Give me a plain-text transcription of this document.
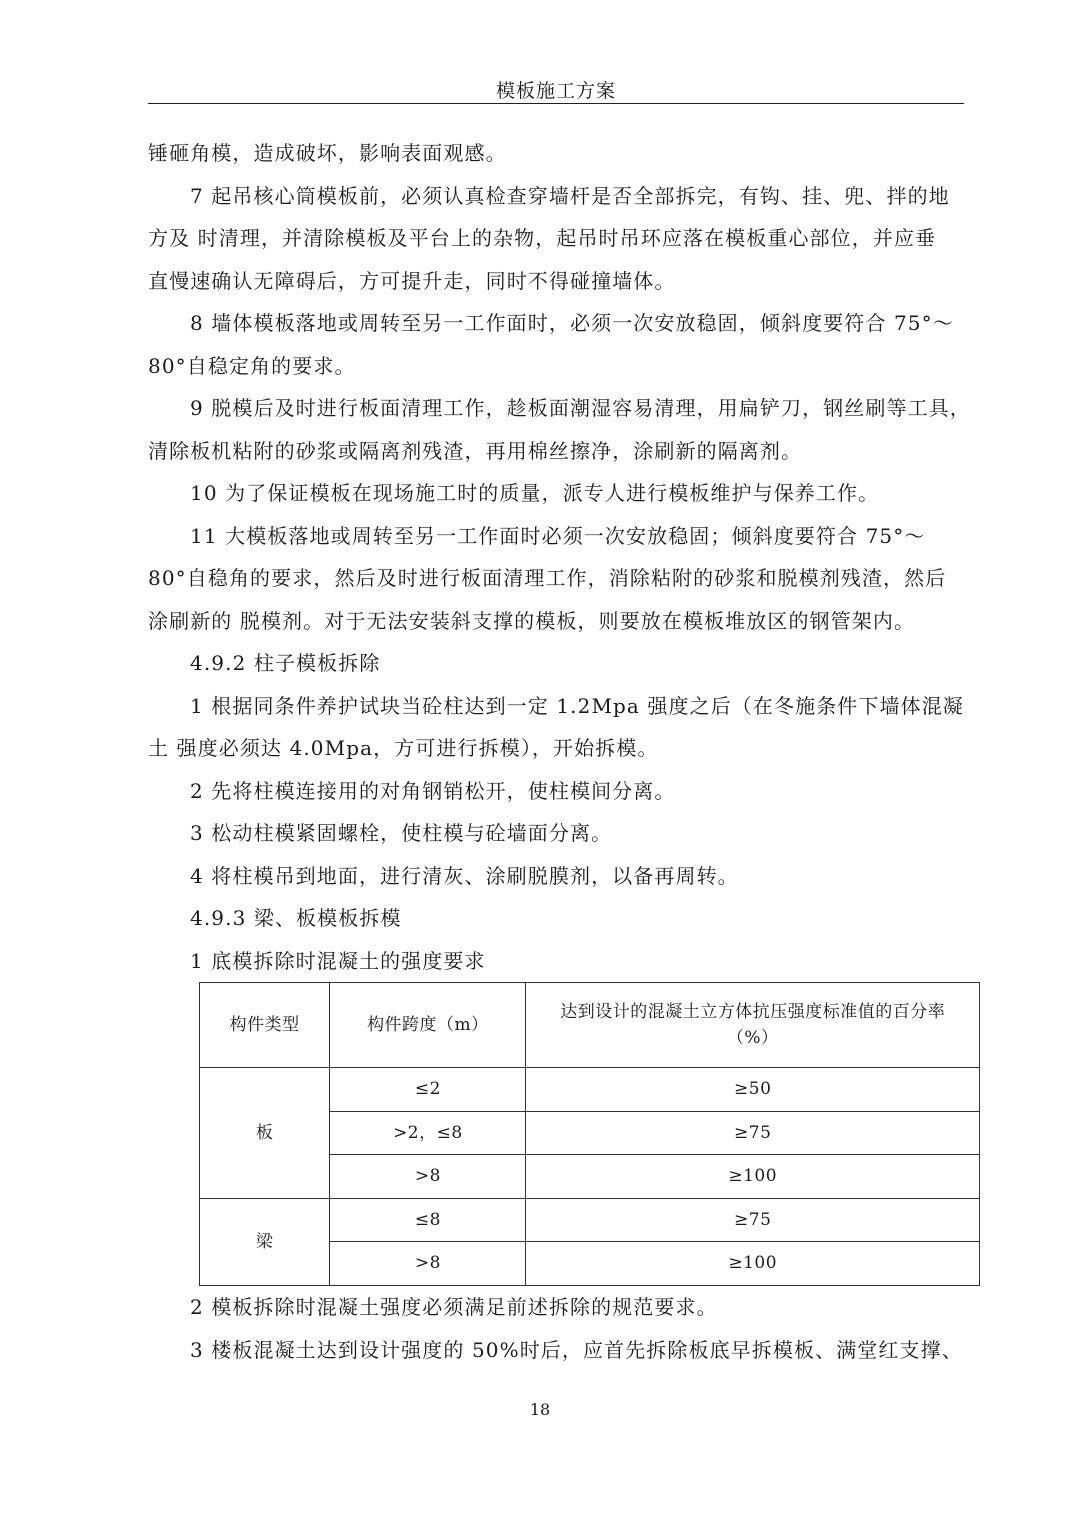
模板施工方案
锤砸角模，造成破坏，影响表面观感。
7 起吊核心筒模板前，必须认真检查穿墙杆是否全部拆完，有钩、挂、兜、拌的地
方及 时清理，并清除模板及平台上的杂物，起吊时吊环应落在模板重心部位，并应垂
直慢速确认无障碍后，方可提升走，同时不得碰撞墙体。
8 墙体模板落地或周转至另一工作面时，必须一次安放稳固，倾斜度要符合 75°～
80°自稳定角的要求。
9 脱模后及时进行板面清理工作，趁板面潮湿容易清理，用扁铲刀，钢丝刷等工具，
清除板机粘附的砂浆或隔离剂残渣，再用棉丝擦净，涂刷新的隔离剂。
10 为了保证模板在现场施工时的质量，派专人进行模板维护与保养工作。
11 大模板落地或周转至另一工作面时必须一次安放稳固；倾斜度要符合 75°～
80°自稳角的要求，然后及时进行板面清理工作，消除粘附的砂浆和脱模剂残渣，然后
涂刷新的 脱模剂。对于无法安装斜支撑的模板，则要放在模板堆放区的钢管架内。
4.9.2 柱子模板拆除
1 根据同条件养护试块当砼柱达到一定 1.2Mpa 强度之后（在冬施条件下墙体混凝
土 强度必须达 4.0Mpa，方可进行拆模），开始拆模。
2 先将柱模连接用的对角钢销松开，使柱模间分离。
3 松动柱模紧固螺栓，使柱模与砼墙面分离。
4 将柱模吊到地面，进行清灰、涂刷脱膜剂，以备再周转。
4.9.3 梁、板模板拆模
1 底模拆除时混凝土的强度要求
构件类型	构件跨度（m）	达到设计的混凝土立方体抗压强度标准值的百分率
（%）

板	≤2	≥50
	>2，≤8	≥75
	>8	≥100
梁	≤8	≥75
	>8	≥100
2 模板拆除时混凝土强度必须满足前述拆除的规范要求。
3 楼板混凝土达到设计强度的 50%时后，应首先拆除板底早拆模板、满堂红支撑、
18
